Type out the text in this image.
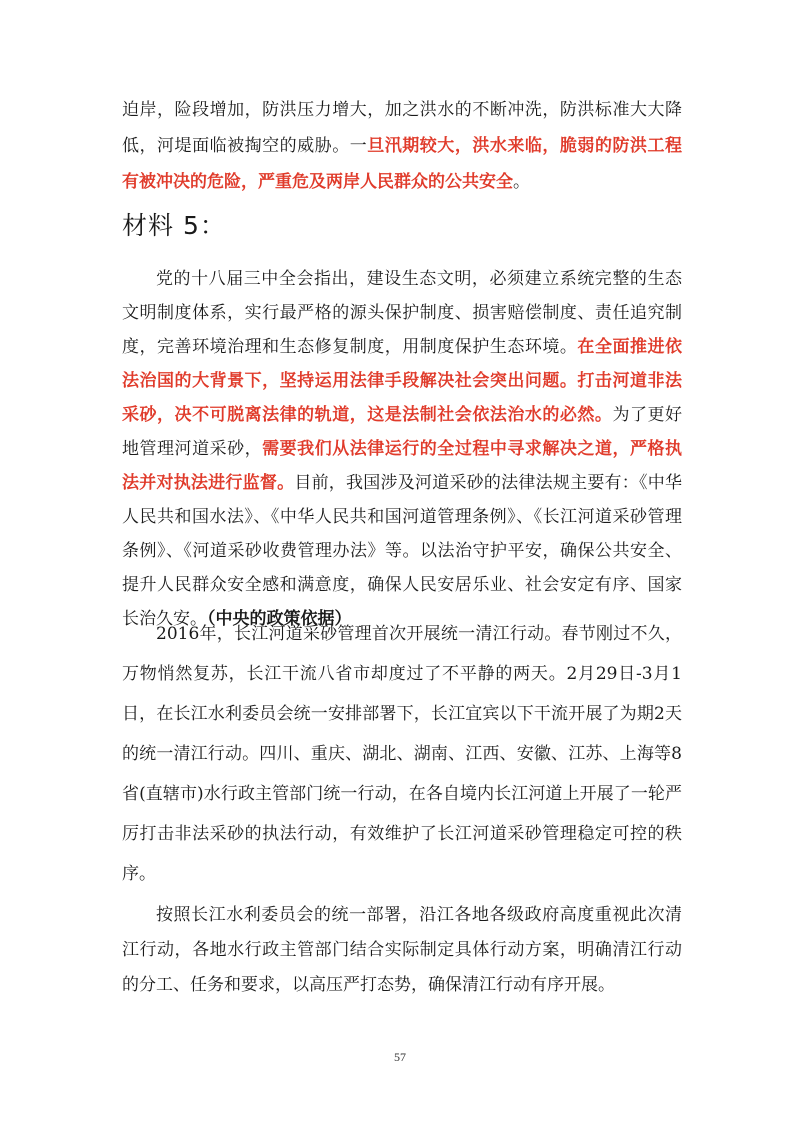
迫岸，险段增加，防洪压力增大，加之洪水的不断冲洗，防洪标准大大降低，河堤面临被掏空的威胁。一旦汛期较大，洪水来临，脆弱的防洪工程有被冲决的危险，严重危及两岸人民群众的公共安全。
材料 5：
党的十八届三中全会指出，建设生态文明，必须建立系统完整的生态文明制度体系，实行最严格的源头保护制度、损害赔偿制度、责任追究制度，完善环境治理和生态修复制度，用制度保护生态环境。在全面推进依法治国的大背景下，坚持运用法律手段解决社会突出问题。打击河道非法采砂，决不可脱离法律的轨道，这是法制社会依法治水的必然。为了更好地管理河道采砂，需要我们从法律运行的全过程中寻求解决之道，严格执法并对执法进行监督。目前，我国涉及河道采砂的法律法规主要有：《中华人民共和国水法》、《中华人民共和国河道管理条例》、《长江河道采砂管理条例》、《河道采砂收费管理办法》等。以法治守护平安，确保公共安全、提升人民群众安全感和满意度，确保人民安居乐业、社会安定有序、国家长治久安。（中央的政策依据）
2016年，长江河道采砂管理首次开展统一清江行动。春节刚过不久，万物悄然复苏，长江干流八省市却度过了不平静的两天。2月29日-3月1日，在长江水利委员会统一安排部署下，长江宜宾以下干流开展了为期2天的统一清江行动。四川、重庆、湖北、湖南、江西、安徽、江苏、上海等8省(直辖市)水行政主管部门统一行动，在各自境内长江河道上开展了一轮严厉打击非法采砂的执法行动，有效维护了长江河道采砂管理稳定可控的秩序。
按照长江水利委员会的统一部署，沿江各地各级政府高度重视此次清江行动，各地水行政主管部门结合实际制定具体行动方案，明确清江行动的分工、任务和要求，以高压严打态势，确保清江行动有序开展。
57
